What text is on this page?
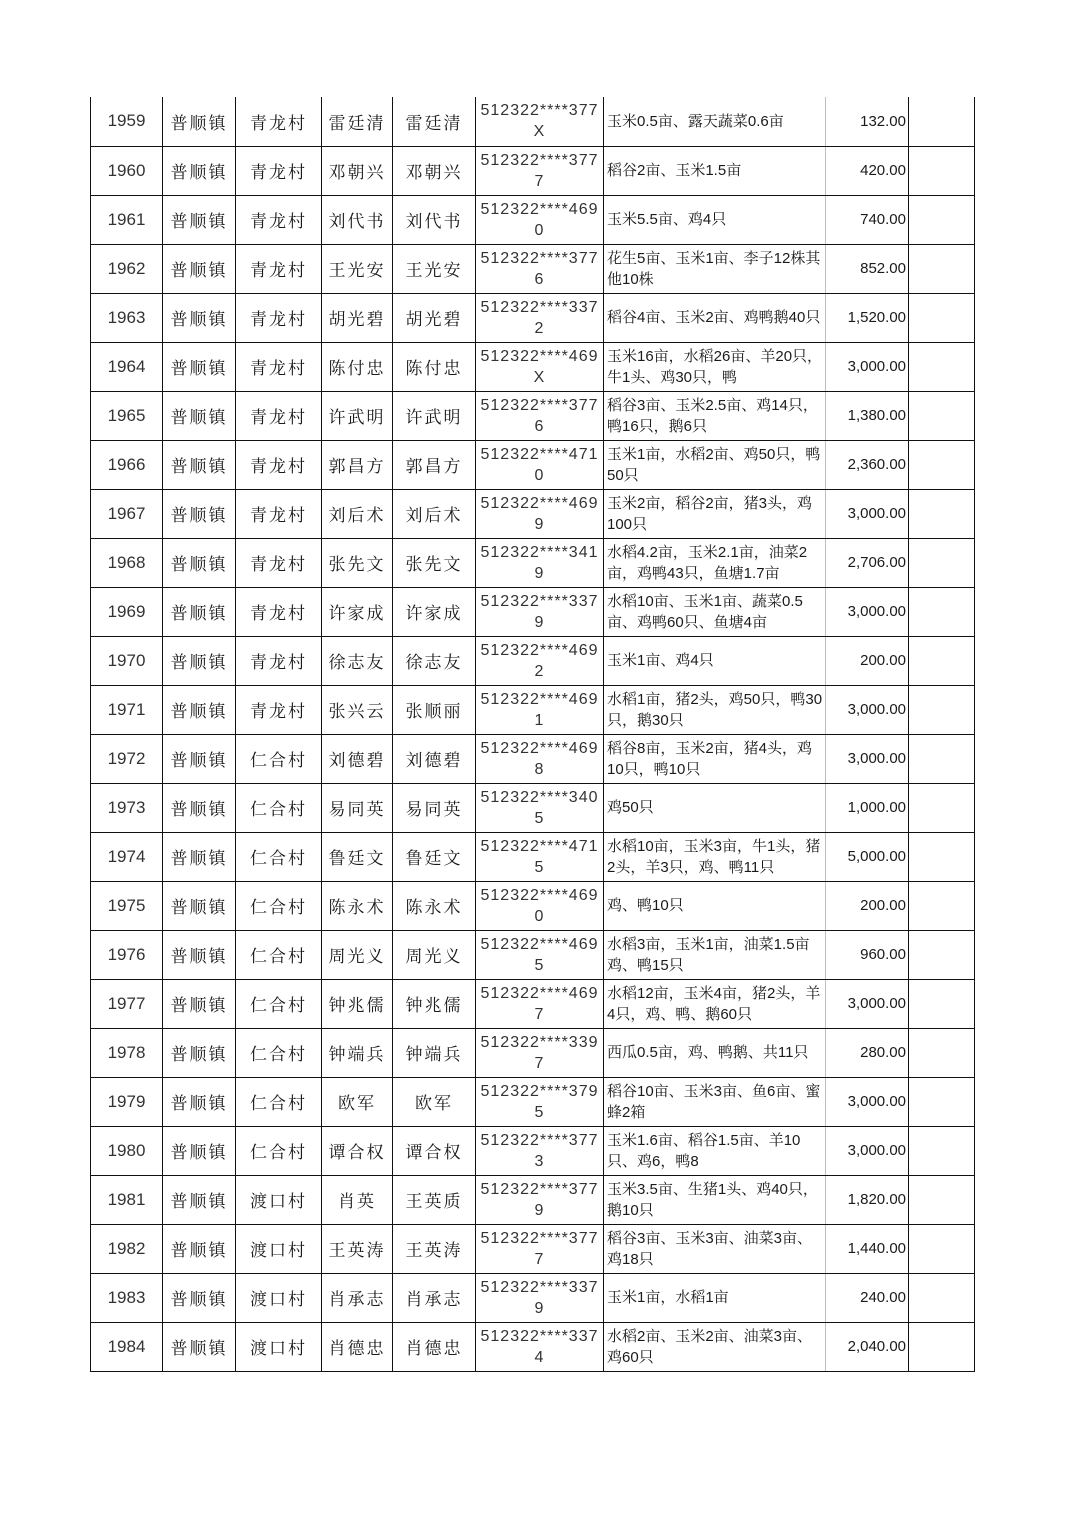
1959	普顺镇	青龙村	雷廷清	雷廷清	512322****377X	玉米0.5亩、露天蔬菜0.6亩	132.00	
1960	普顺镇	青龙村	邓朝兴	邓朝兴	512322****3777	稻谷2亩、玉米1.5亩	420.00	
1961	普顺镇	青龙村	刘代书	刘代书	512322****4690	玉米5.5亩、鸡4只	740.00	
1962	普顺镇	青龙村	王光安	王光安	512322****3776	花生5亩、玉米1亩、李子12株其他10株	852.00	
1963	普顺镇	青龙村	胡光碧	胡光碧	512322****3372	稻谷4亩、玉米2亩、鸡鸭鹅40只	1,520.00	
1964	普顺镇	青龙村	陈付忠	陈付忠	512322****469X	玉米16亩，水稻26亩、羊20只，牛1头、鸡30只，鸭	3,000.00	
1965	普顺镇	青龙村	许武明	许武明	512322****3776	稻谷3亩、玉米2.5亩、鸡14只，鸭16只，鹅6只	1,380.00	
1966	普顺镇	青龙村	郭昌方	郭昌方	512322****4710	玉米1亩，水稻2亩、鸡50只，鸭50只	2,360.00	
1967	普顺镇	青龙村	刘后术	刘后术	512322****4699	玉米2亩，稻谷2亩，猪3头，鸡100只	3,000.00	
1968	普顺镇	青龙村	张先文	张先文	512322****3419	水稻4.2亩，玉米2.1亩，油菜2亩，鸡鸭43只，鱼塘1.7亩	2,706.00	
1969	普顺镇	青龙村	许家成	许家成	512322****3379	水稻10亩、玉米1亩、蔬菜0.5亩、鸡鸭60只、鱼塘4亩	3,000.00	
1970	普顺镇	青龙村	徐志友	徐志友	512322****4692	玉米1亩、鸡4只	200.00	
1971	普顺镇	青龙村	张兴云	张顺丽	512322****4691	水稻1亩，猪2头，鸡50只，鸭30只，鹅30只	3,000.00	
1972	普顺镇	仁合村	刘德碧	刘德碧	512322****4698	稻谷8亩，玉米2亩，猪4头，鸡10只，鸭10只	3,000.00	
1973	普顺镇	仁合村	易同英	易同英	512322****3405	鸡50只	1,000.00	
1974	普顺镇	仁合村	鲁廷文	鲁廷文	512322****4715	水稻10亩，玉米3亩，牛1头，猪2头，羊3只，鸡、鸭11只	5,000.00	
1975	普顺镇	仁合村	陈永术	陈永术	512322****4690	鸡、鸭10只	200.00	
1976	普顺镇	仁合村	周光义	周光义	512322****4695	水稻3亩，玉米1亩，油菜1.5亩鸡、鸭15只	960.00	
1977	普顺镇	仁合村	钟兆儒	钟兆儒	512322****4697	水稻12亩，玉米4亩，猪2头，羊4只，鸡、鸭、鹅60只	3,000.00	
1978	普顺镇	仁合村	钟端兵	钟端兵	512322****3397	西瓜0.5亩，鸡、鸭鹅、共11只	280.00	
1979	普顺镇	仁合村	欧军	欧军	512322****3795	稻谷10亩、玉米3亩、鱼6亩、蜜蜂2箱	3,000.00	
1980	普顺镇	仁合村	谭合权	谭合权	512322****3773	玉米1.6亩、稻谷1.5亩、羊10只、鸡6，鸭8	3,000.00	
1981	普顺镇	渡口村	肖英	王英质	512322****3779	玉米3.5亩、生猪1头、鸡40只，鹅10只	1,820.00	
1982	普顺镇	渡口村	王英涛	王英涛	512322****3777	稻谷3亩、玉米3亩、油菜3亩、鸡18只	1,440.00	
1983	普顺镇	渡口村	肖承志	肖承志	512322****3379	玉米1亩，水稻1亩	240.00	
1984	普顺镇	渡口村	肖德忠	肖德忠	512322****3374	水稻2亩、玉米2亩、油菜3亩、鸡60只	2,040.00	
